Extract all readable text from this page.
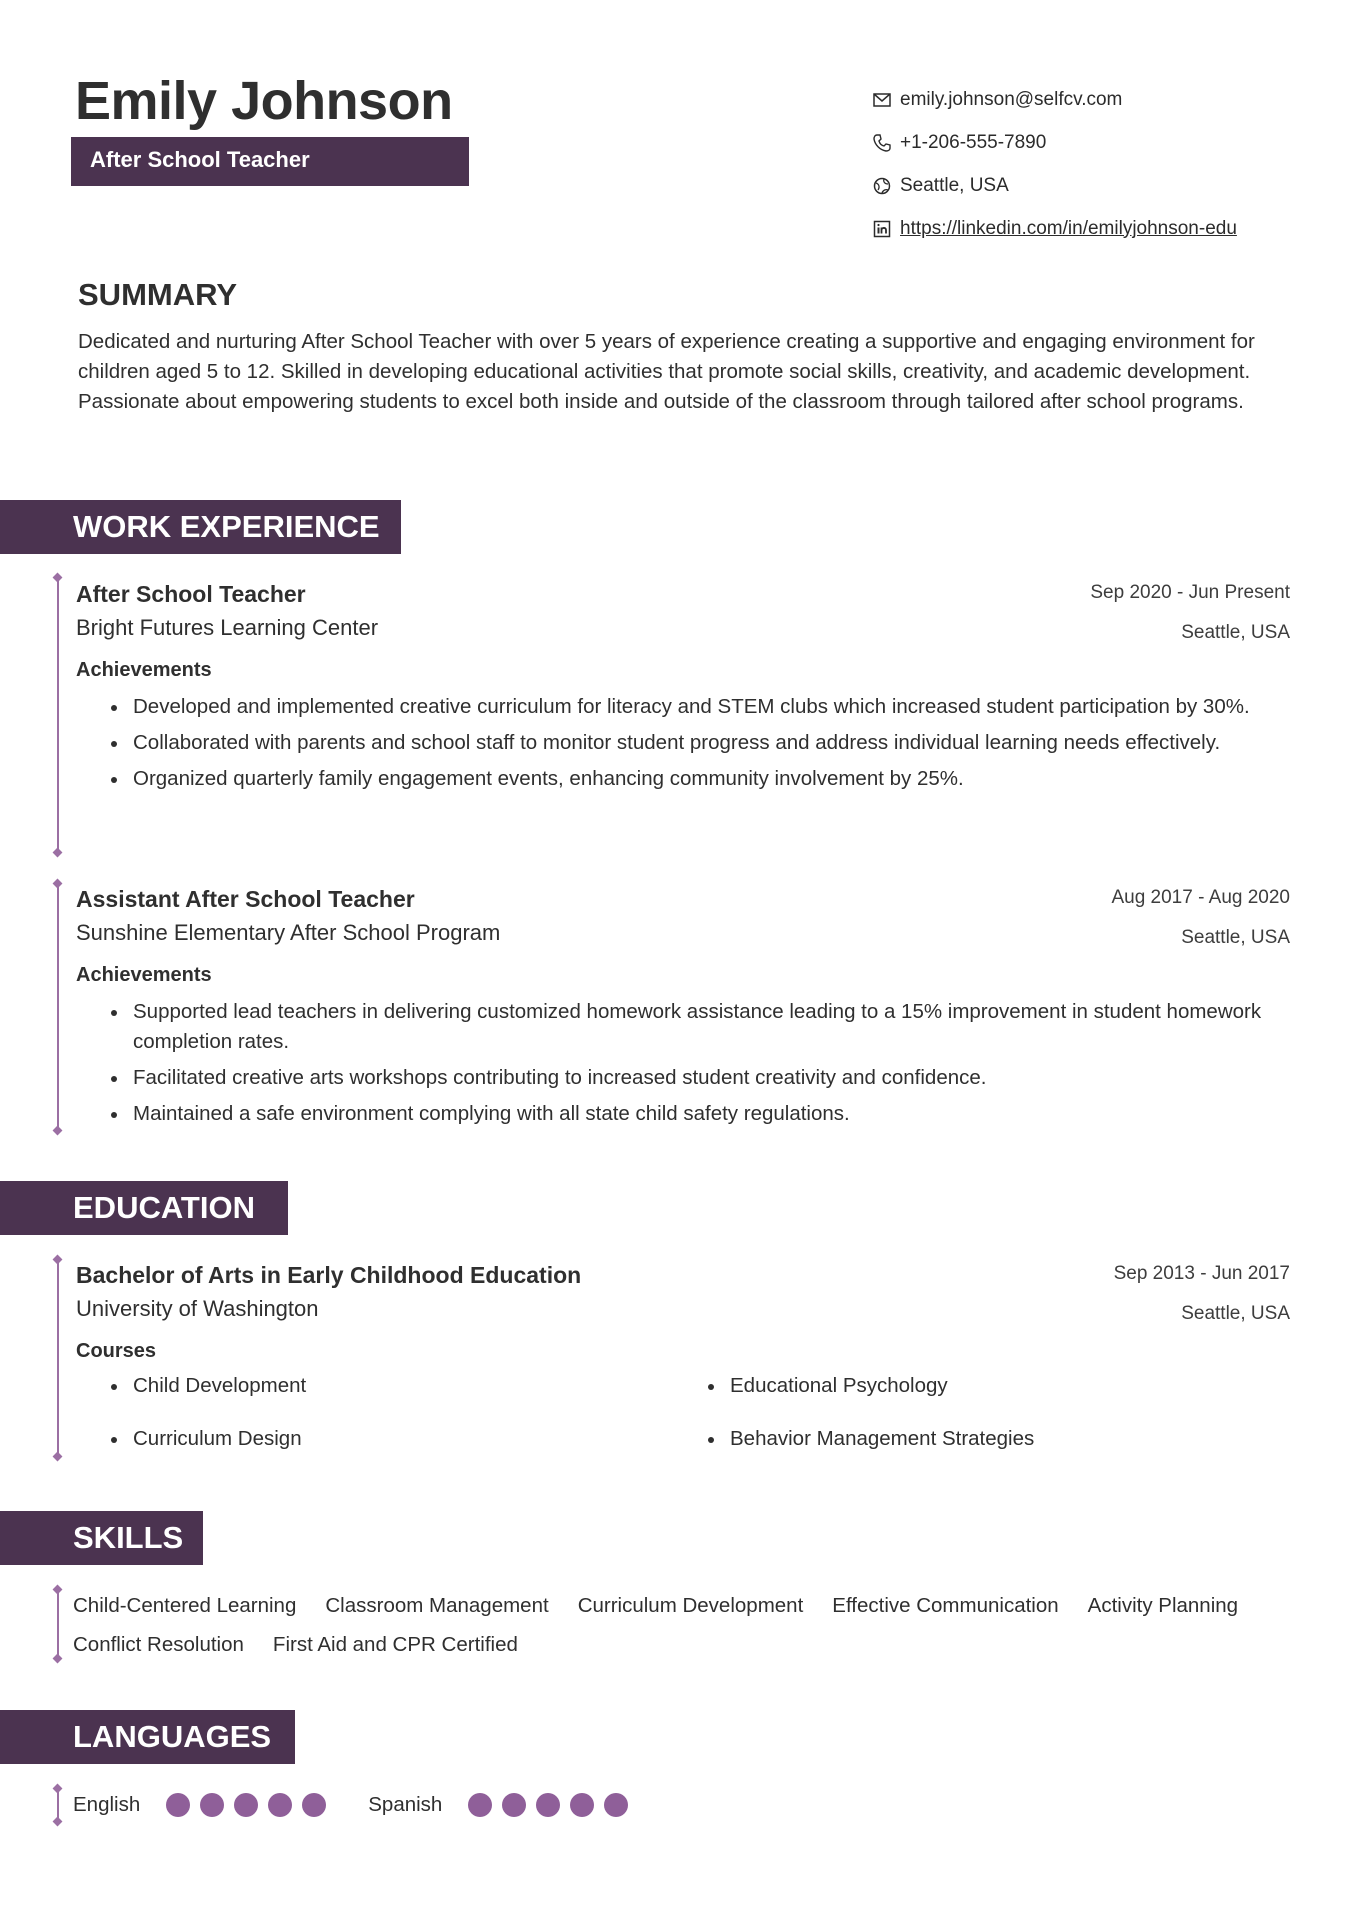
Emily Johnson
After School Teacher
emily.johnson@selfcv.com
+1-206-555-7890
Seattle, USA
https://linkedin.com/in/emilyjohnson-edu
SUMMARY
Dedicated and nurturing After School Teacher with over 5 years of experience creating a supportive and engaging environment for children aged 5 to 12. Skilled in developing educational activities that promote social skills, creativity, and academic development. Passionate about empowering students to excel both inside and outside of the classroom through tailored after school programs.
WORK EXPERIENCE
After School Teacher
Bright Futures Learning Center
Sep 2020 - Jun Present
Seattle, USA
Achievements
Developed and implemented creative curriculum for literacy and STEM clubs which increased student participation by 30%.
Collaborated with parents and school staff to monitor student progress and address individual learning needs effectively.
Organized quarterly family engagement events, enhancing community involvement by 25%.
Assistant After School Teacher
Sunshine Elementary After School Program
Aug 2017 - Aug 2020
Seattle, USA
Achievements
Supported lead teachers in delivering customized homework assistance leading to a 15% improvement in student homework completion rates.
Facilitated creative arts workshops contributing to increased student creativity and confidence.
Maintained a safe environment complying with all state child safety regulations.
EDUCATION
Bachelor of Arts in Early Childhood Education
University of Washington
Sep 2013 - Jun 2017
Seattle, USA
Courses
Child Development	Educational Psychology
Curriculum Design	Behavior Management Strategies
SKILLS
Child-Centered Learning Classroom Management Curriculum Development Effective Communication Activity Planning
Conflict Resolution First Aid and CPR Certified
LANGUAGES
English	Spanish
